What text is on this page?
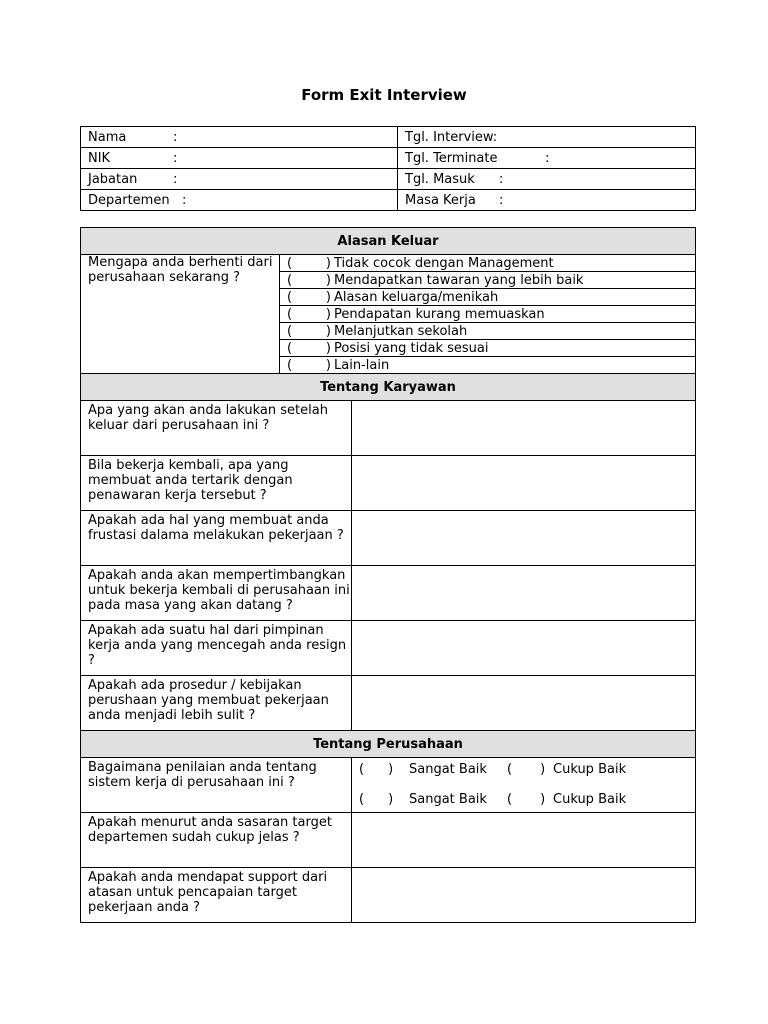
Form Exit Interview
Nama :	Tgl. Interview:
NIK :	Tgl. Terminate :
Jabatan :	Tgl. Masuk :
Departemen :	Masa Kerja :
Alasan Keluar		
Mengapa anda berhenti dari perusahaan sekarang ?	( ) Tidak cocok dengan Management	
	( ) Mendapatkan tawaran yang lebih baik	
	( ) Alasan keluarga/menikah	
	( ) Pendapatan kurang memuaskan	
	( ) Melanjutkan sekolah	
	( ) Posisi yang tidak sesuai	
	( ) Lain-lain	
Tentang Karyawan		
Apa yang akan anda lakukan setelah keluar dari perusahaan ini ?		
Bila bekerja kembali, apa yang membuat anda tertarik dengan penawaran kerja tersebut ?		
Apakah ada hal yang membuat anda frustasi dalama melakukan pekerjaan ?		

Apakah anda akan mempertimbangkan untuk bekerja kembali di perusahaan ini pada masa yang akan datang ?		

Apakah ada suatu hal dari pimpinan kerja anda yang mencegah anda resign ?		
Apakah ada prosedur / kebijakan perushaan yang membuat pekerjaan anda menjadi lebih sulit ?		
Tentang Perusahaan		
Bagaimana penilaian anda tentang sistem kerja di perusahaan ini ?		( ) Sangat Baik ( ) Cukup Baik
( ) Sangat Baik ( ) Cukup Baik

Apakah menurut anda sasaran target departemen sudah cukup jelas ?		
Apakah anda mendapat support dari atasan untuk pencapaian target pekerjaan anda ?		
